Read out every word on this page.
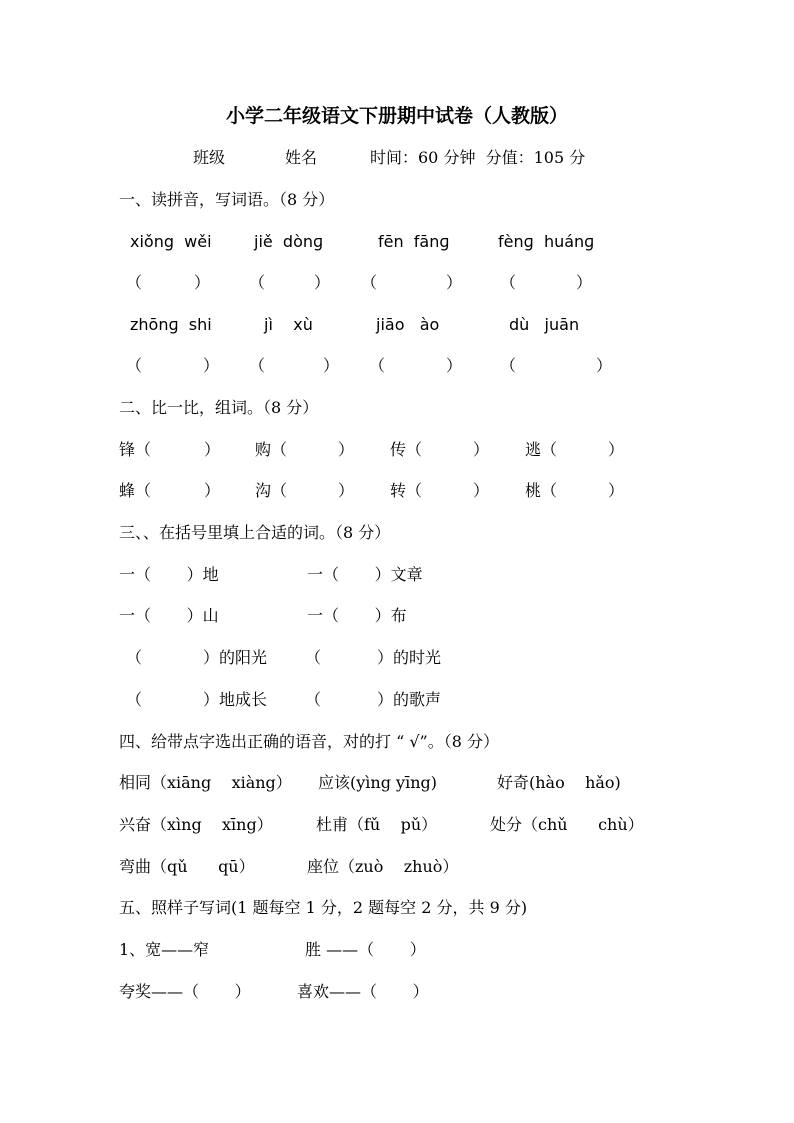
小学二年级语文下册期中试卷（人教版）
班级	姓名	时间：60 分钟  分值：105 分
一、读拼音，写词语。（8 分）
xiǒng  wěi	jiě  dònɡ	fēn  fānɡ	fènɡ  huánɡ
（	） （	） （	） （	）
zhōnɡ  shi	jì    xù	jiāo   ào	dù   juān
（	） （	） （	） （	）
二、比一比，组词。（8 分）
锋（	） 购（	） 传（	） 逃（	）
蜂（	） 沟（	） 转（	） 桃（	）
三、、在括号里填上合适的词。（8 分）
一（       ）地	一（       ）文章
一（       ）山	一（       ）布
（            ）的阳光 （           ）的时光
（            ）地成长 （           ）的歌声
四、给带点字选出正确的语音，对的打 “ √”。（8 分）
相同（xiāng    xiàng） 应该(yìng yīng)	好奇(hào    hǎo)
兴奋（xìng    xīng）	杜甫（fǔ    pǔ）	处分（chǔ      chù）
弯曲（qǔ      qū）	座位（zuò    zhuò）
五、照样子写词(1 题每空 1 分，2 题每空 2 分，共 9 分)
1、宽——窄	胜 ——（       ）
夸奖——（       ）	喜欢——（       ）
